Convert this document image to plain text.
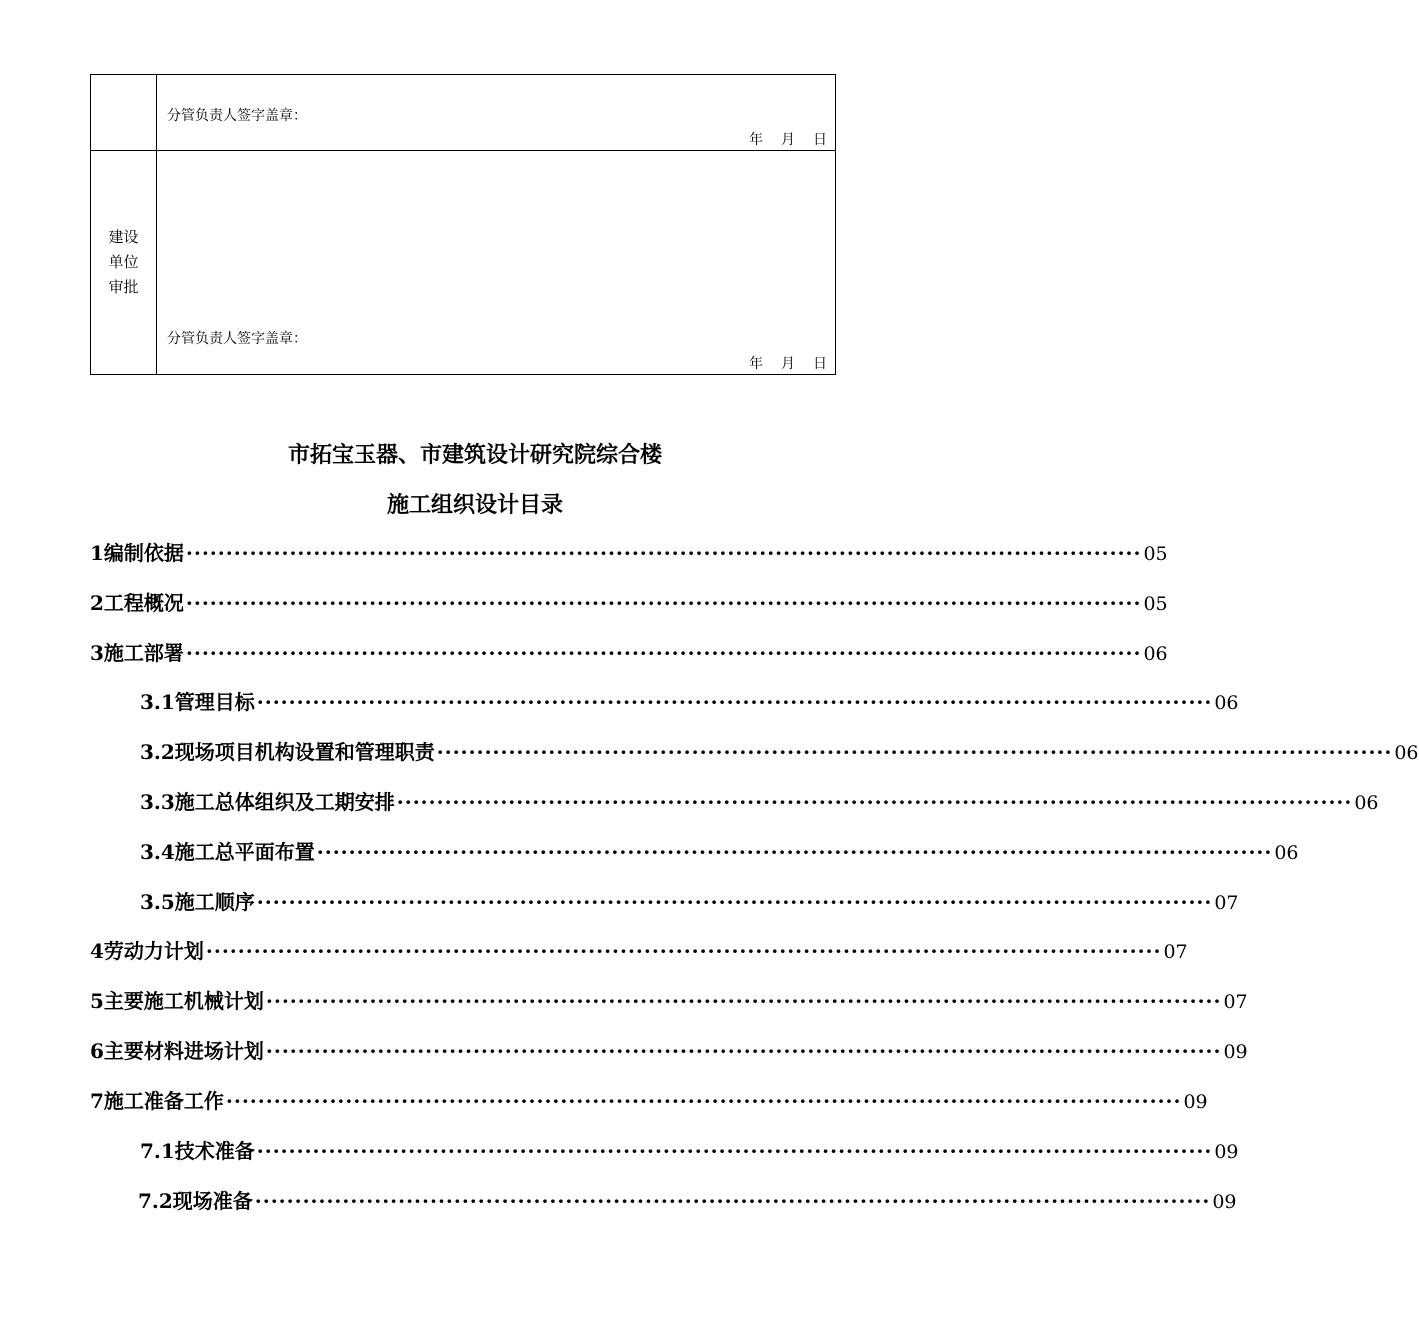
	分管负责人签字盖章：
年 月 日

建设
单位
审批	分管负责人签字盖章：
年 月 日
市拓宝玉器、市建筑设计研究院综合楼
施工组织设计目录
1 编制依据 ························································································································ 05
2 工程概况 ························································································································ 05
3 施工部署 ························································································································ 06
3.1 管理目标 ························································································································ 06
3.2 现场项目机构设置和管理职责 ························································································································ 06
3.3 施工总体组织及工期安排 ························································································································ 06
3.4 施工总平面布置 ························································································································ 06
3.5 施工顺序 ························································································································ 07
4 劳动力计划 ························································································································ 07
5 主要施工机械计划 ························································································································ 07
6 主要材料进场计划 ························································································································ 09
7 施工准备工作 ························································································································ 09
7.1 技术准备 ························································································································ 09
7.2 现场准备 ························································································································ 09
